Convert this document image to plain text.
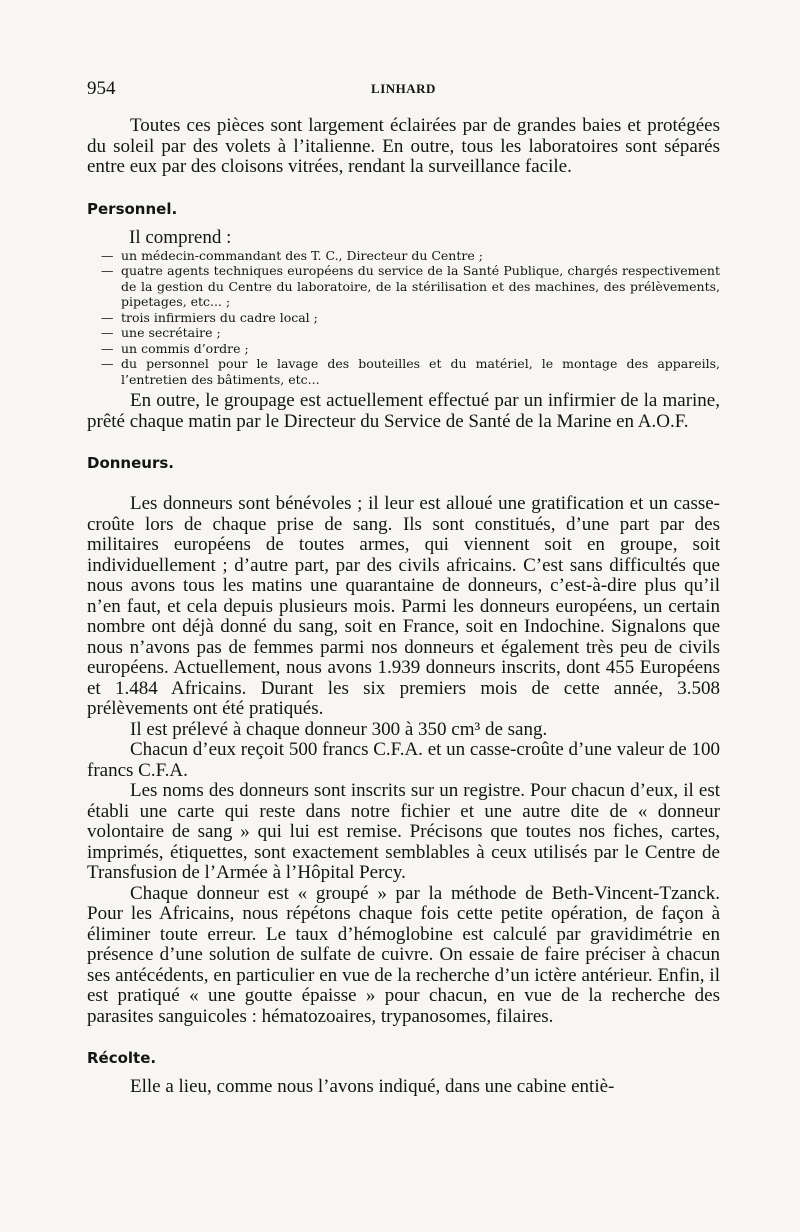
954	LINHARD

Toutes ces pièces sont largement éclairées par de grandes baies et protégées du soleil par des volets à l’italienne. En outre, tous les laboratoires sont séparés entre eux par des cloisons vitrées, rendant la surveillance facile.

Personnel.

Il comprend :

— un médecin-commandant des T. C., Directeur du Centre ;
— quatre agents techniques européens du service de la Santé Publique, chargés respectivement de la gestion du Centre du laboratoire, de la stérilisation et des machines, des prélèvements, pipetages, etc... ;
— trois infirmiers du cadre local ;
— une secrétaire ;
— un commis d’ordre ;
— du personnel pour le lavage des bouteilles et du matériel, le montage des appareils, l’entretien des bâtiments, etc...

En outre, le groupage est actuellement effectué par un infirmier de la marine, prêté chaque matin par le Directeur du Service de Santé de la Marine en A.O.F.

Donneurs.

Les donneurs sont bénévoles ; il leur est alloué une gratification et un casse-croûte lors de chaque prise de sang. Ils sont constitués, d’une part par des militaires européens de toutes armes, qui viennent soit en groupe, soit individuellement ; d’autre part, par des civils africains. C’est sans difficultés que nous avons tous les matins une quarantaine de donneurs, c’est-à-dire plus qu’il n’en faut, et cela depuis plusieurs mois. Parmi les donneurs européens, un certain nombre ont déjà donné du sang, soit en France, soit en Indochine. Signalons que nous n’avons pas de femmes parmi nos donneurs et également très peu de civils européens. Actuellement, nous avons 1.939 donneurs inscrits, dont 455 Européens et 1.484 Africains. Durant les six premiers mois de cette année, 3.508 prélèvements ont été pratiqués.

Il est prélevé à chaque donneur 300 à 350 cm³ de sang.

Chacun d’eux reçoit 500 francs C.F.A. et un casse-croûte d’une valeur de 100 francs C.F.A.

Les noms des donneurs sont inscrits sur un registre. Pour chacun d’eux, il est établi une carte qui reste dans notre fichier et une autre dite de « donneur volontaire de sang » qui lui est remise. Précisons que toutes nos fiches, cartes, imprimés, étiquettes, sont exactement semblables à ceux utilisés par le Centre de Transfusion de l’Armée à l’Hôpital Percy.

Chaque donneur est « groupé » par la méthode de Beth-Vincent-Tzanck. Pour les Africains, nous répétons chaque fois cette petite opération, de façon à éliminer toute erreur. Le taux d’hémoglobine est calculé par gravidimétrie en présence d’une solution de sulfate de cuivre. On essaie de faire préciser à chacun ses antécédents, en particulier en vue de la recherche d’un ictère antérieur. Enfin, il est pratiqué « une goutte épaisse » pour chacun, en vue de la recherche des parasites sanguicoles : hématozoaires, trypanosomes, filaires.

Récolte.

Elle a lieu, comme nous l’avons indiqué, dans une cabine entiè-
